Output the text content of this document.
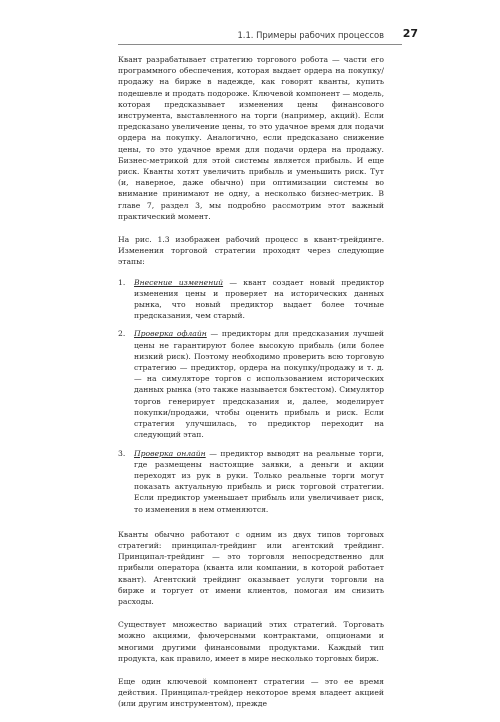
1.1. Примеры рабочих процессов 27

Квант разрабатывает стратегию торгового робота — части его программного обеспечения, которая выдает ордера на покупку/продажу на бирже в надежде, как говорят кванты, купить подешевле и продать подороже. Ключевой компонент — модель, которая предсказывает изменения цены финансового инструмента, выставленного на торги (например, акций). Если предсказано увеличение цены, то это удачное время для подачи ордера на покупку. Аналогично, если предсказано снижение цены, то это удачное время для подачи ордера на продажу. Бизнес-метрикой для этой системы является прибыль. И еще риск. Кванты хотят увеличить прибыль и уменьшить риск. Тут (и, наверное, даже обычно) при оптимизации системы во внимание принимают не одну, а несколько бизнес-метрик. В главе 7, раздел 3, мы подробно рассмотрим этот важный практический момент.

На рис. 1.3 изображен рабочий процесс в квант-трейдинге. Изменения торговой стратегии проходят через следующие этапы:

1. Внесение изменений — квант создает новый предиктор изменения цены и проверяет на исторических данных рынка, что новый предиктор выдает более точные предсказания, чем старый.
2. Проверка офлайн — предикторы для предсказания лучшей цены не гарантируют более высокую прибыль (или более низкий риск). Поэтому необходимо проверить всю торговую стратегию — предиктор, ордера на покупку/продажу и т. д. — на симуляторе торгов с использованием исторических данных рынка (это также называется бэктестом). Симулятор торгов генерирует предсказания и, далее, моделирует покупки/продажи, чтобы оценить прибыль и риск. Если стратегия улучшилась, то предиктор переходит на следующий этап.
3. Проверка онлайн — предиктор выводят на реальные торги, где размещены настоящие заявки, а деньги и акции переходят из рук в руки. Только реальные торги могут показать актуальную прибыль и риск торговой стратегии. Если предиктор уменьшает прибыль или увеличивает риск, то изменения в нем отменяются.

Кванты обычно работают с одним из двух типов торговых стратегий: принципал-трейдинг или агентский трейдинг. Принципал-трейдинг — это торговля непосредственно для прибыли оператора (кванта или компании, в которой работает квант). Агентский трейдинг оказывает услуги торговли на бирже и торгует от имени клиентов, помогая им снизить расходы.

Существует множество вариаций этих стратегий. Торговать можно акциями, фьючерсными контрактами, опционами и многими другими финансовыми продуктами. Каждый тип продукта, как правило, имеет в мире несколько торговых бирж.

Еще один ключевой компонент стратегии — это ее время действия. Принципал-трейдер некоторое время владеет акцией (или другим инструментом), прежде
